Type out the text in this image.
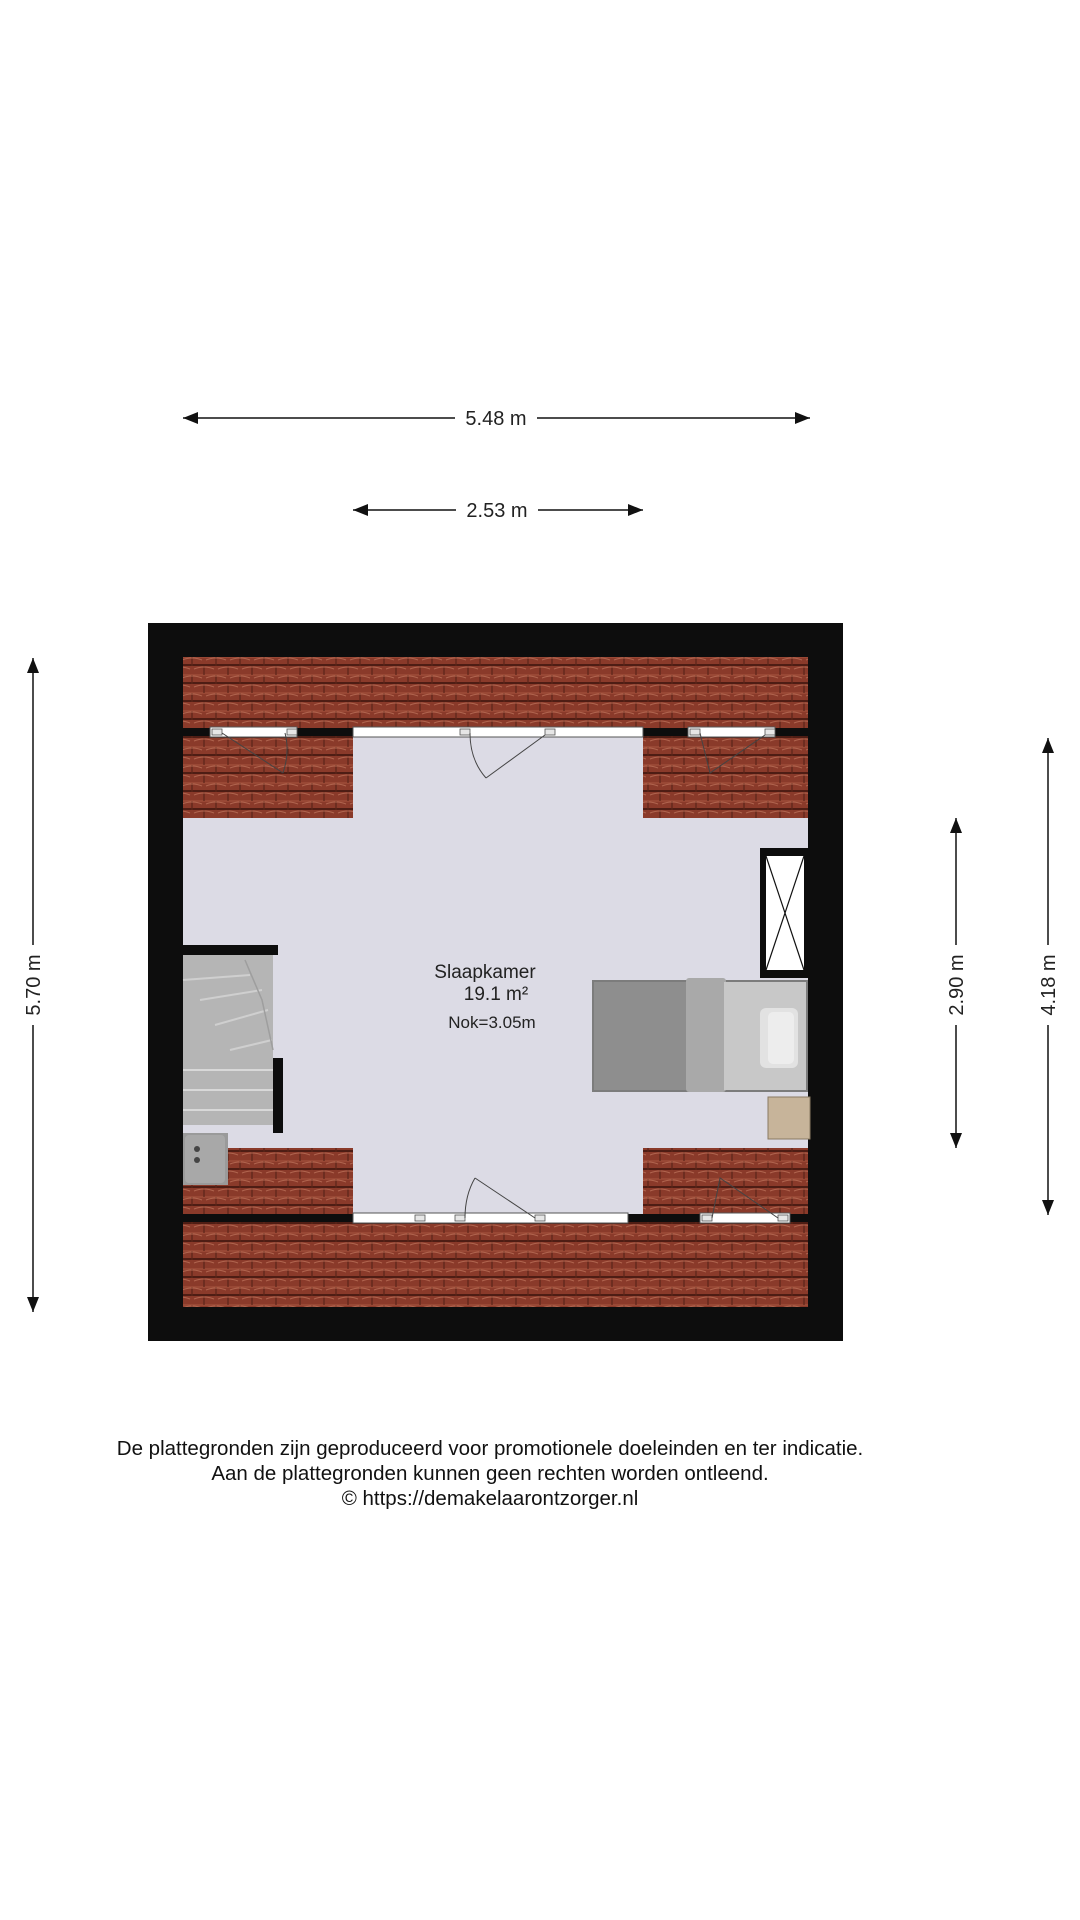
5.48 m
2.53 m
5.70 m	2.90 m	4.18 m
Slaapkamer
19.1 m²
Nok=3.05m
De plattegronden zijn geproduceerd voor promotionele doeleinden en ter indicatie.
Aan de plattegronden kunnen geen rechten worden ontleend.
© https://demakelaarontzorger.nl
